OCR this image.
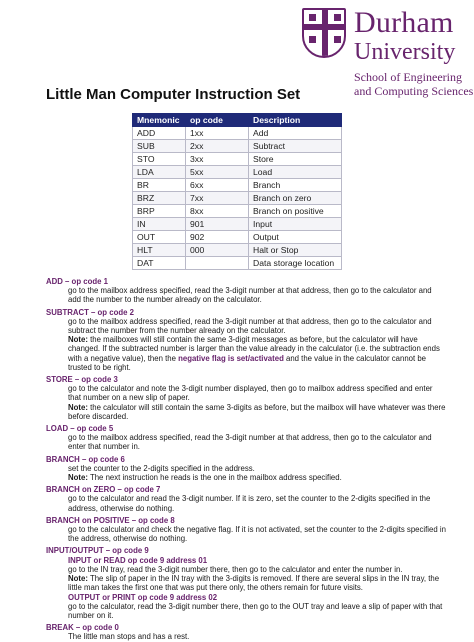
Durham
University
School of Engineering
and Computing Sciences
Little Man Computer Instruction Set
Mnemonic	op code	Description
ADD	1xx	Add
SUB	2xx	Subtract
STO	3xx	Store
LDA	5xx	Load
BR	6xx	Branch
BRZ	7xx	Branch on zero
BRP	8xx	Branch on positive
IN	901	Input
OUT	902	Output
HLT	000	Halt or Stop
DAT		Data storage location
ADD – op code 1
go to the mailbox address specified, read the 3-digit number at that address, then go to the calculator and add the number to the number already on the calculator.
SUBTRACT – op code 2
go to the mailbox address specified, read the 3-digit number at that address, then go to the calculator and subtract the number from the number already on the calculator.
Note: the mailboxes will still contain the same 3-digit messages as before, but the calculator will have changed. If the subtracted number is larger than the value already in the calculator (i.e. the subtraction ends with a negative value), then the negative flag is set/activated and the value in the calculator cannot be trusted to be right.
STORE – op code 3
go to the calculator and note the 3-digit number displayed, then go to mailbox address specified and enter that number on a new slip of paper.
Note: the calculator will still contain the same 3-digits as before, but the mailbox will have whatever was there before discarded.
LOAD – op code 5
go to the mailbox address specified, read the 3-digit number at that address, then go to the calculator and enter that number in.
BRANCH – op code 6
set the counter to the 2-digits specified in the address.
Note: The next instruction he reads is the one in the mailbox address specified.
BRANCH on ZERO – op code 7
go to the calculator and read the 3-digit number. If it is zero, set the counter to the 2-digits specified in the address, otherwise do nothing.
BRANCH on POSITIVE – op code 8
go to the calculator and check the negative flag. If it is not activated, set the counter to the 2-digits specified in the address, otherwise do nothing.
INPUT/OUTPUT – op code 9
INPUT or READ op code 9 address 01
go to the IN tray, read the 3-digit number there, then go to the calculator and enter the number in.
Note: The slip of paper in the IN tray with the 3-digits is removed. If there are several slips in the IN tray, the little man takes the first one that was put there only, the others remain for future visits.
OUTPUT or PRINT op code 9 address 02
go to the calculator, read the 3-digit number there, then go to the OUT tray and leave a slip of paper with that number on it.
BREAK – op code 0
The little man stops and has a rest.
